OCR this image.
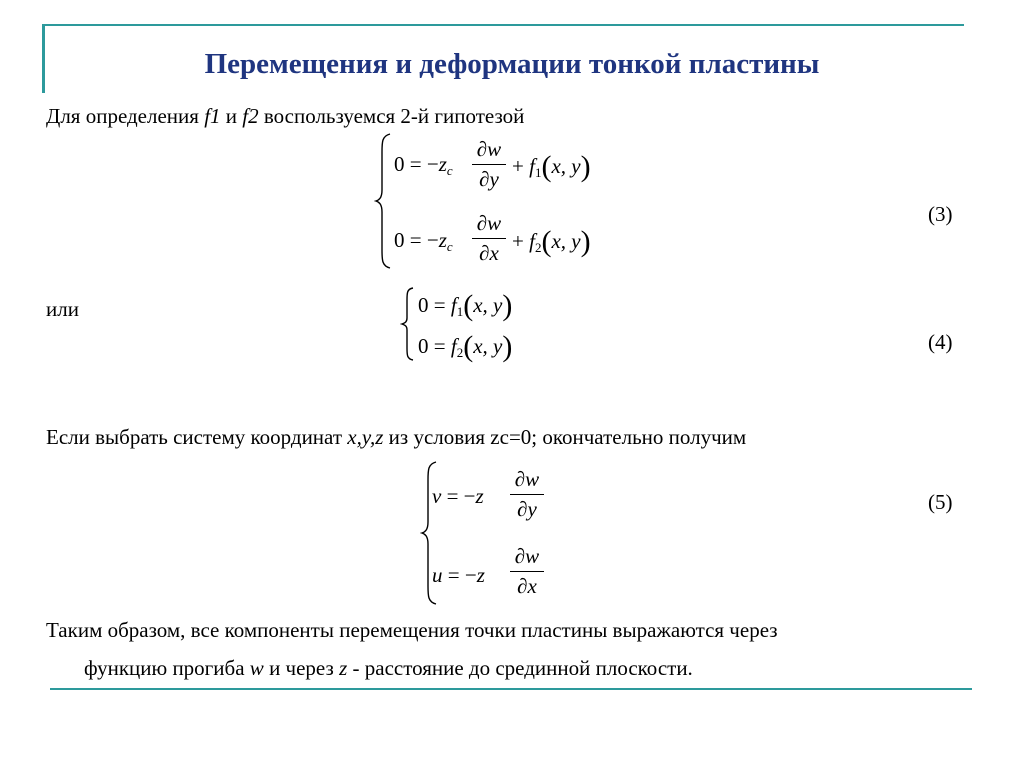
Перемещения и деформации тонкой пластины
Для определения f1 и f2 воспользуемся 2-й гипотезой
$0 = -z_c$
∂w
∂y
+ $f_1(x$, y)
$0 = -z_c$
∂w
$\partial x + f_2(x$, y)
(3)
или	$0 = f_1(x$, y)
$0 = f_2(x$, y)	(4)
Если выбрать систему координат x,y,z из условия zc=0; окончательно получим
v = −z
∂w
∂y
u = −z
∂w
∂x
(5)
Таким образом, все компоненты перемещения точки пластины выражаются через
функцию прогиба w и через z - расстояние до срединной плоскости.
